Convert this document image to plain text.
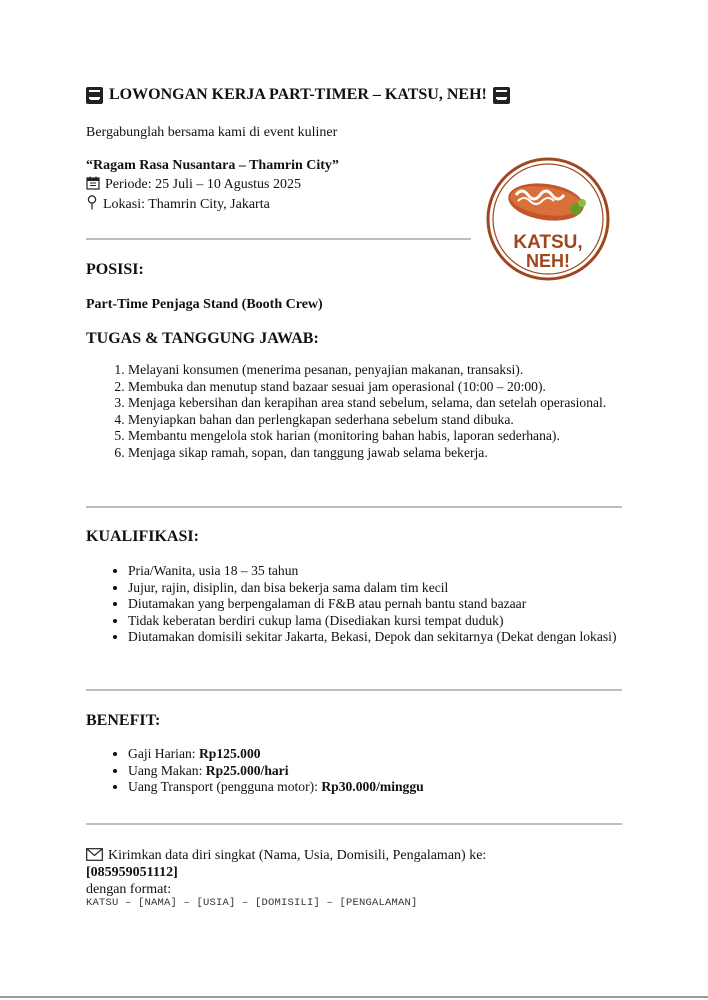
LOWONGAN KERJA PART-TIMER – KATSU, NEH!
Bergabunglah bersama kami di event kuliner
“Ragam Rasa Nusantara – Thamrin City”
Periode: 25 Juli – 10 Agustus 2025
Lokasi: Thamrin City, Jakarta
KATSU,
NEH!
POSISI:
Part-Time Penjaga Stand (Booth Crew)
TUGAS & TANGGUNG JAWAB:
1. Melayani konsumen (menerima pesanan, penyajian makanan, transaksi).
2. Membuka dan menutup stand bazaar sesuai jam operasional (10:00 – 20:00).
3. Menjaga kebersihan dan kerapihan area stand sebelum, selama, dan setelah operasional.
4. Menyiapkan bahan dan perlengkapan sederhana sebelum stand dibuka.
5. Membantu mengelola stok harian (monitoring bahan habis, laporan sederhana).
6. Menjaga sikap ramah, sopan, dan tanggung jawab selama bekerja.
KUALIFIKASI:
• Pria/Wanita, usia 18 – 35 tahun
• Jujur, rajin, disiplin, dan bisa bekerja sama dalam tim kecil
• Diutamakan yang berpengalaman di F&B atau pernah bantu stand bazaar
• Tidak keberatan berdiri cukup lama (Disediakan kursi tempat duduk)
• Diutamakan domisili sekitar Jakarta, Bekasi, Depok dan sekitarnya (Dekat dengan lokasi)
BENEFIT:
• Gaji Harian: Rp125.000
• Uang Makan: Rp25.000/hari
• Uang Transport (pengguna motor): Rp30.000/minggu
Kirimkan data diri singkat (Nama, Usia, Domisili, Pengalaman) ke:
[085959051112]
dengan format:
KATSU – [NAMA] – [USIA] – [DOMISILI] – [PENGALAMAN]
